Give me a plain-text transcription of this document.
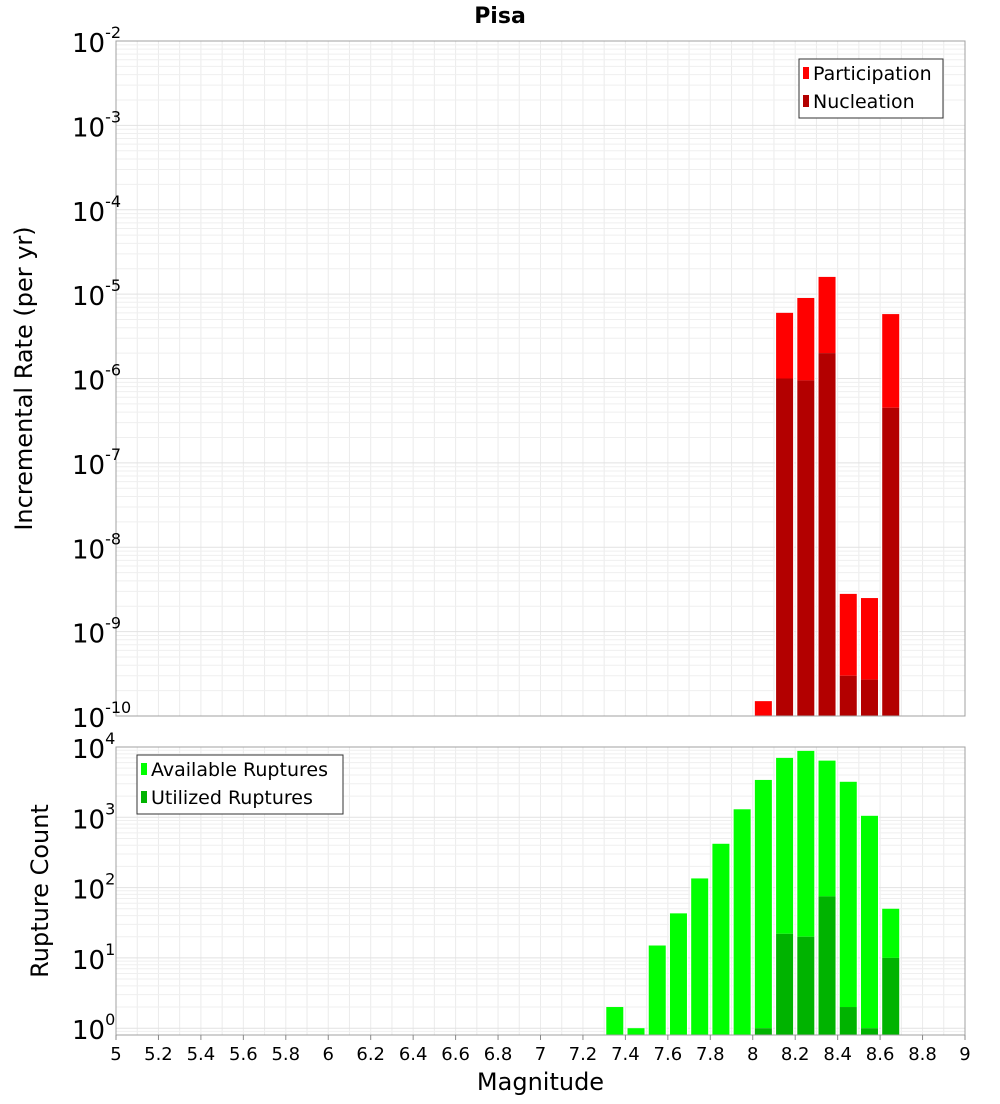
Pisa
$10^{-10}$
$10^{-9}$
$10^{-8}$
$10^{-7}$
$10^{-6}$
$10^{-5}$
$10^{-4}$
$10^{-3}$
$10^{-2}$
Incremental Rate (per yr)
Participation
Nucleation
$10^0$
$10^1$
$10^2$
$10^3$
$10^4$
5 5.2 5.4 5.6 5.8 6 6.2 6.4 6.6 6.8 7 7.2 7.4 7.6 7.8 8 8.2 8.4 8.6 8.8 9
Rupture Count
Magnitude
Available Ruptures
Utilized Ruptures
